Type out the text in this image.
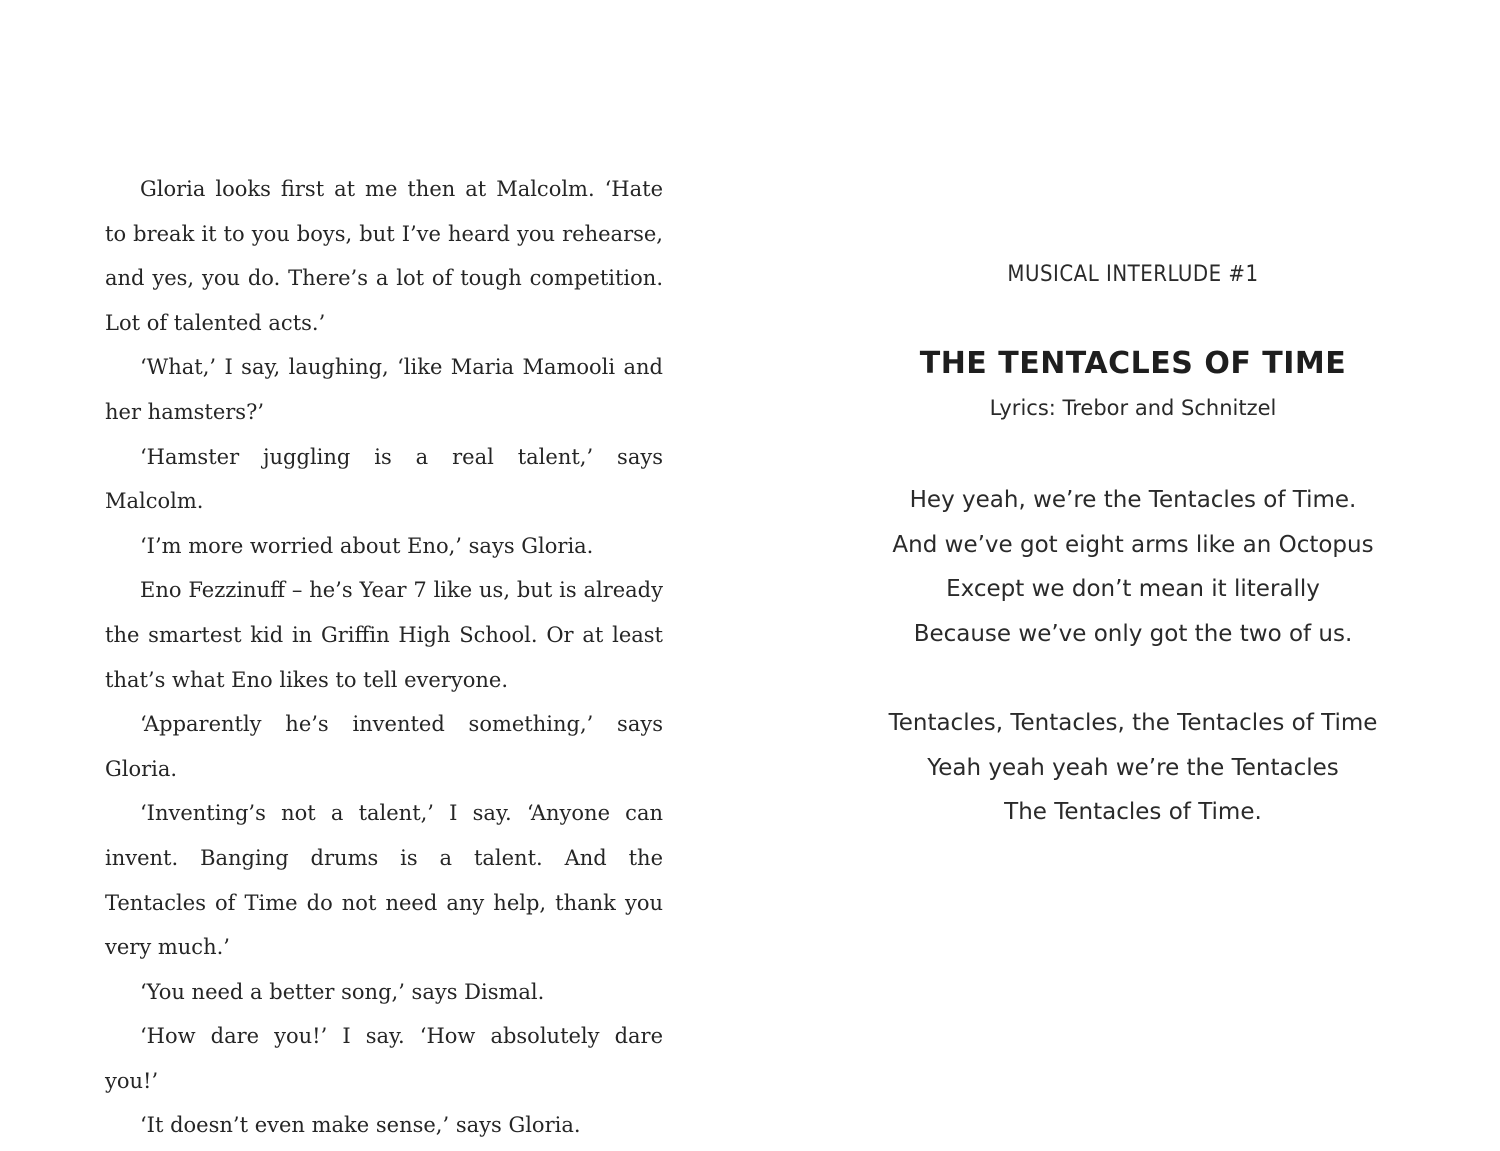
Gloria looks first at me then at Malcolm. ‘Hate to break it to you boys, but I’ve heard you rehearse, and yes, you do. There’s a lot of tough competition. Lot of talented acts.’

‘What,’ I say, laughing, ‘like Maria Mamooli and her hamsters?’

‘Hamster juggling is a real talent,’ says Malcolm.

‘I’m more worried about Eno,’ says Gloria.

Eno Fezzinuff – he’s Year 7 like us, but is already the smartest kid in Griffin High School. Or at least that’s what Eno likes to tell everyone.

‘Apparently he’s invented something,’ says Gloria.

‘Inventing’s not a talent,’ I say. ‘Anyone can invent. Banging drums is a talent. And the Tentacles of Time do not need any help, thank you very much.’

‘You need a better song,’ says Dismal.

‘How dare you!’ I say. ‘How absolutely dare you!’

‘It doesn’t even make sense,’ says Gloria.

MUSICAL INTERLUDE #1
THE TENTACLES OF TIME
Lyrics: Trebor and Schnitzel
Hey yeah, we’re the Tentacles of Time.
And we’ve got eight arms like an Octopus
Except we don’t mean it literally
Because we’ve only got the two of us.
Tentacles, Tentacles, the Tentacles of Time
Yeah yeah yeah we’re the Tentacles
The Tentacles of Time.
